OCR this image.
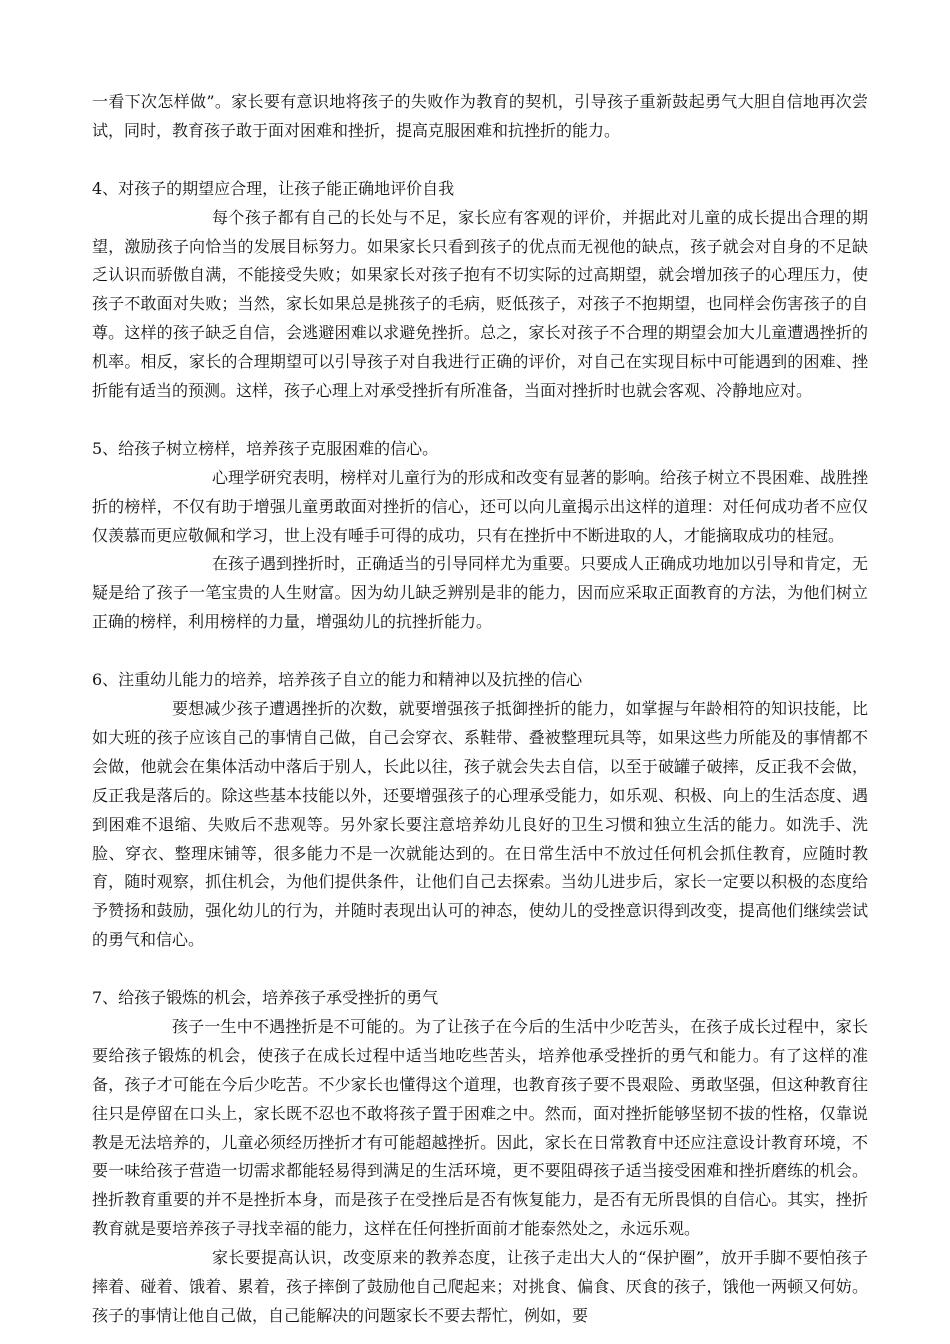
一看下次怎样做”。家长要有意识地将孩子的失败作为教育的契机，引导孩子重新鼓起勇气大胆自信地再次尝试，同时，教育孩子敢于面对困难和挫折，提高克服困难和抗挫折的能力。

4、对孩子的期望应合理，让孩子能正确地评价自我

每个孩子都有自己的长处与不足，家长应有客观的评价，并据此对儿童的成长提出合理的期望，激励孩子向恰当的发展目标努力。如果家长只看到孩子的优点而无视他的缺点，孩子就会对自身的不足缺乏认识而骄傲自满，不能接受失败；如果家长对孩子抱有不切实际的过高期望，就会增加孩子的心理压力，使孩子不敢面对失败；当然，家长如果总是挑孩子的毛病，贬低孩子，对孩子不抱期望，也同样会伤害孩子的自尊。这样的孩子缺乏自信，会逃避困难以求避免挫折。总之，家长对孩子不合理的期望会加大儿童遭遇挫折的机率。相反，家长的合理期望可以引导孩子对自我进行正确的评价，对自己在实现目标中可能遇到的困难、挫折能有适当的预测。这样，孩子心理上对承受挫折有所准备，当面对挫折时也就会客观、冷静地应对。

5、给孩子树立榜样，培养孩子克服困难的信心。

心理学研究表明，榜样对儿童行为的形成和改变有显著的影响。给孩子树立不畏困难、战胜挫折的榜样，不仅有助于增强儿童勇敢面对挫折的信心，还可以向儿童揭示出这样的道理：对任何成功者不应仅仅羡慕而更应敬佩和学习，世上没有唾手可得的成功，只有在挫折中不断进取的人，才能摘取成功的桂冠。

在孩子遇到挫折时，正确适当的引导同样尤为重要。只要成人正确成功地加以引导和肯定，无疑是给了孩子一笔宝贵的人生财富。因为幼儿缺乏辨别是非的能力，因而应采取正面教育的方法，为他们树立正确的榜样，利用榜样的力量，增强幼儿的抗挫折能力。

6、注重幼儿能力的培养，培养孩子自立的能力和精神以及抗挫的信心

要想减少孩子遭遇挫折的次数，就要增强孩子抵御挫折的能力，如掌握与年龄相符的知识技能，比如大班的孩子应该自己的事情自己做，自己会穿衣、系鞋带、叠被整理玩具等，如果这些力所能及的事情都不会做，他就会在集体活动中落后于别人，长此以往，孩子就会失去自信，以至于破罐子破摔，反正我不会做，反正我是落后的。除这些基本技能以外，还要增强孩子的心理承受能力，如乐观、积极、向上的生活态度、遇到困难不退缩、失败后不悲观等。另外家长要注意培养幼儿良好的卫生习惯和独立生活的能力。如洗手、洗脸、穿衣、整理床铺等，很多能力不是一次就能达到的。在日常生活中不放过任何机会抓住教育，应随时教育，随时观察，抓住机会，为他们提供条件，让他们自己去探索。当幼儿进步后，家长一定要以积极的态度给予赞扬和鼓励，强化幼儿的行为，并随时表现出认可的神态，使幼儿的受挫意识得到改变，提高他们继续尝试的勇气和信心。

7、给孩子锻炼的机会，培养孩子承受挫折的勇气

孩子一生中不遇挫折是不可能的。为了让孩子在今后的生活中少吃苦头，在孩子成长过程中，家长要给孩子锻炼的机会，使孩子在成长过程中适当地吃些苦头，培养他承受挫折的勇气和能力。有了这样的准备，孩子才可能在今后少吃苦。不少家长也懂得这个道理，也教育孩子要不畏艰险、勇敢坚强，但这种教育往往只是停留在口头上，家长既不忍也不敢将孩子置于困难之中。然而，面对挫折能够坚韧不拔的性格，仅靠说教是无法培养的，儿童必须经历挫折才有可能超越挫折。因此，家长在日常教育中还应注意设计教育环境，不要一味给孩子营造一切需求都能轻易得到满足的生活环境，更不要阻碍孩子适当接受困难和挫折磨练的机会。挫折教育重要的并不是挫折本身，而是孩子在受挫后是否有恢复能力，是否有无所畏惧的自信心。其实，挫折教育就是要培养孩子寻找幸福的能力，这样在任何挫折面前才能泰然处之，永远乐观。

家长要提高认识，改变原来的教养态度，让孩子走出大人的“保护圈”，放开手脚不要怕孩子摔着、碰着、饿着、累着，孩子摔倒了鼓励他自己爬起来；对挑食、偏食、厌食的孩子，饿他一两顿又何妨。孩子的事情让他自己做，自己能解决的问题家长不要去帮忙，例如，要
